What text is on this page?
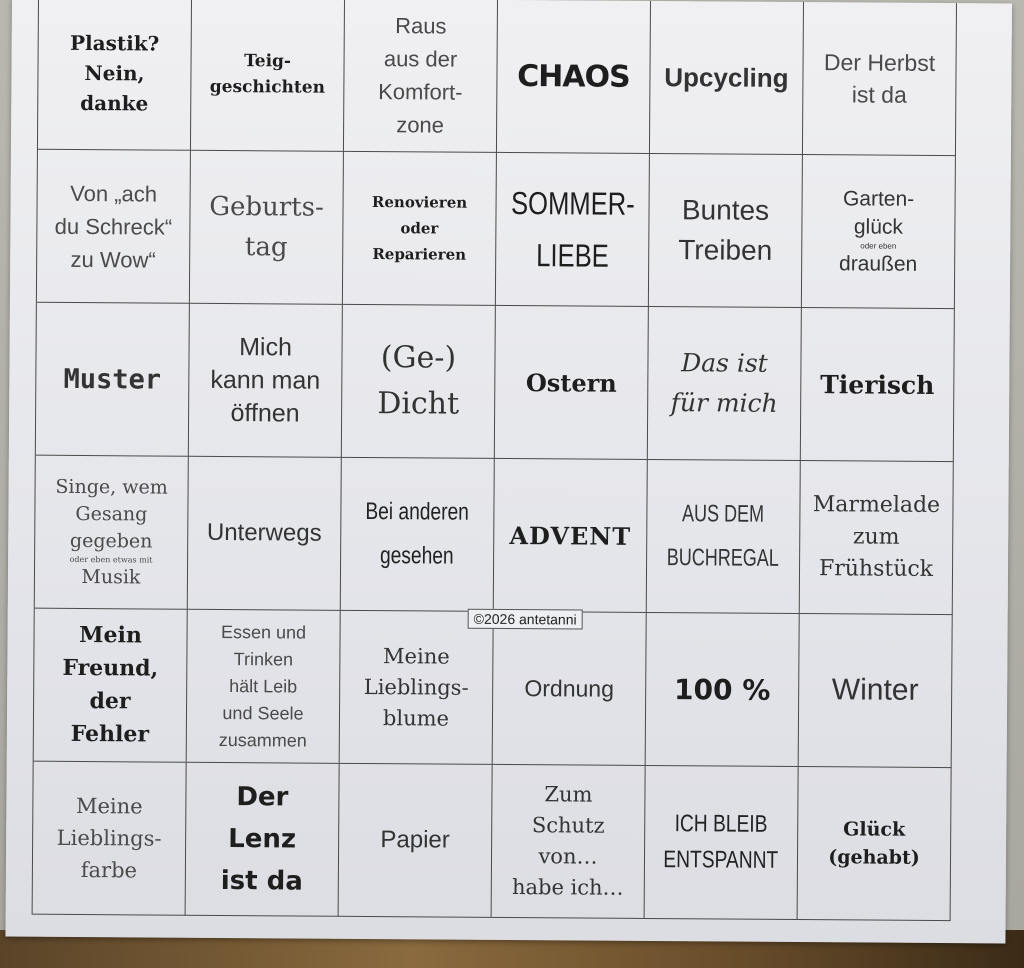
Plastik?
Nein,
danke
Teig-
geschichten
Raus
aus der
Komfort-
zone
CHAOS Upcycling Der Herbst
ist da
Von „ach
du Schreck“
zu Wow“
Geburts-
tag
Renovieren
oder
Reparieren
SOMMER-
LIEBE
Buntes
Treiben
Garten-
glück
oder eben
draußen
Muster
Mich
kann man
öffnen
(Ge-)
Dicht
Ostern
Das ist
für mich
Tierisch
Singe, wem
Gesang
gegeben
oder eben etwas mit
Musik
Unterwegs
Bei anderen
gesehen
ADVENT
AUS DEM
BUCHREGAL
Marmelade
zum
Frühstück
Mein
Freund,
der
Fehler
Essen und
Trinken
hält Leib
und Seele
zusammen
Meine
Lieblings-
blume
Ordnung 100 % Winter
Meine
Lieblings-
farbe
Der
Lenz
ist da
Papier
Zum
Schutz
von…
habe ich…
ICH BLEIB
ENTSPANNT
Glück
(gehabt)
©2026 antetanni
